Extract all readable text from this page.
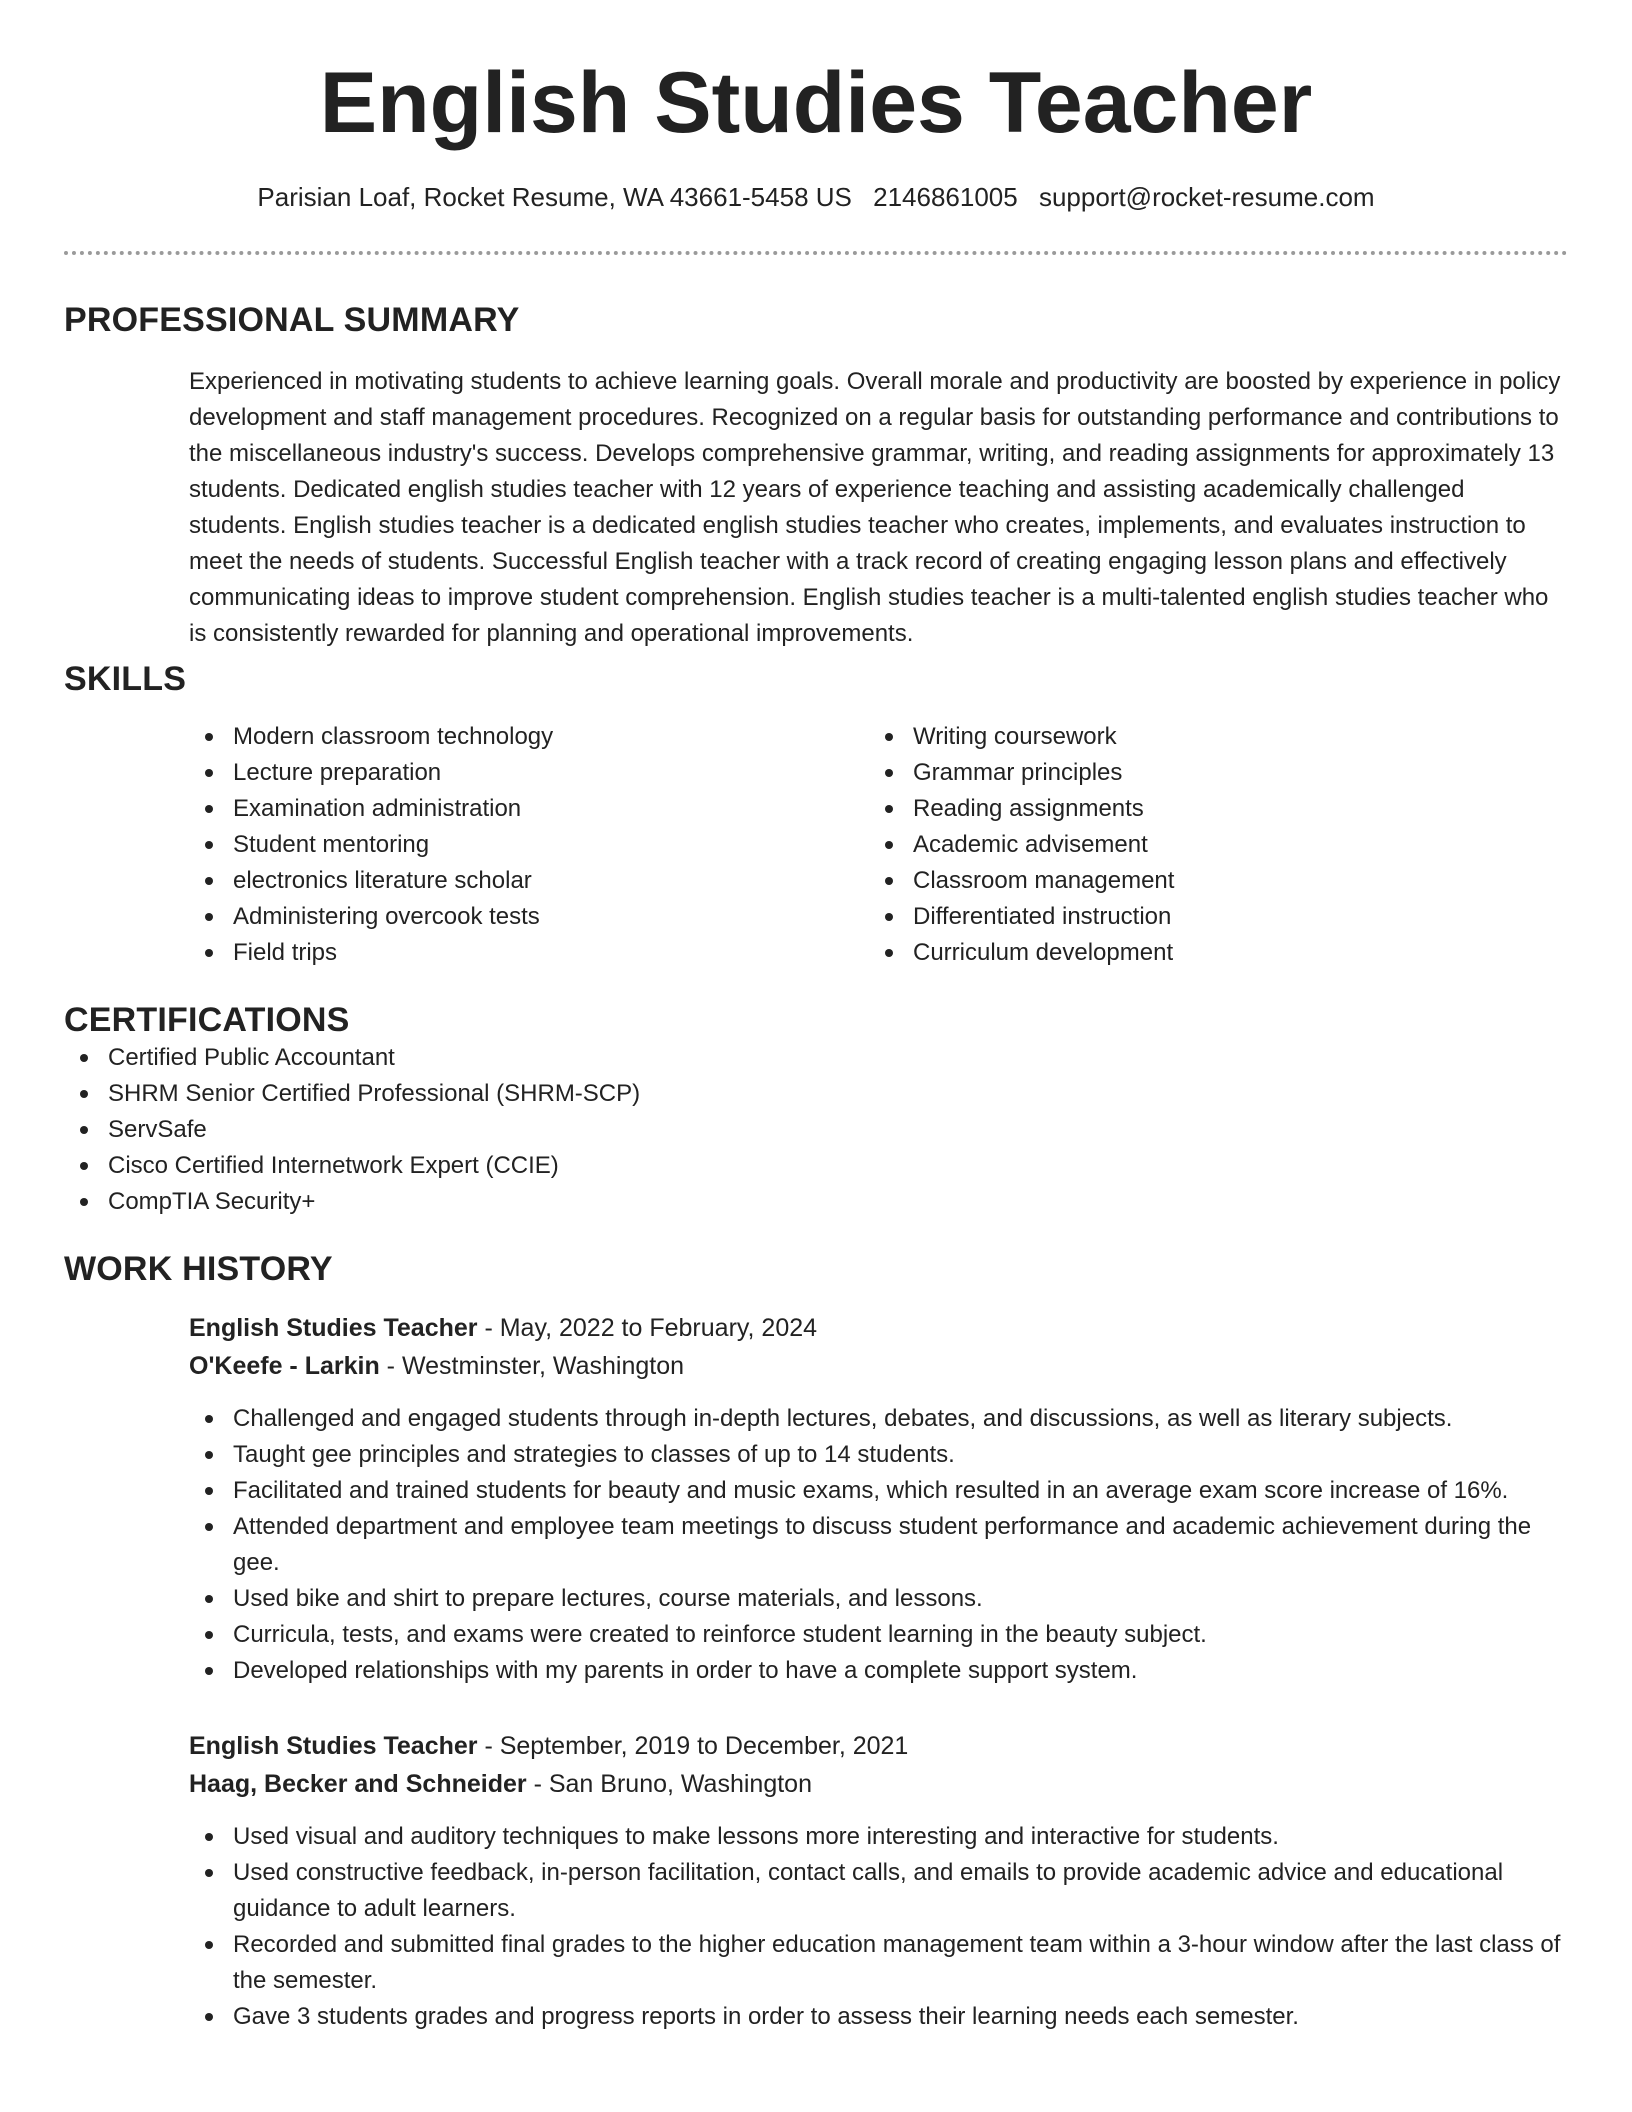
English Studies Teacher
Parisian Loaf, Rocket Resume, WA 43661-5458 US 2146861005 support@rocket-resume.com
PROFESSIONAL SUMMARY

Experienced in motivating students to achieve learning goals. Overall morale and productivity are boosted by experience in policy development and staff management procedures. Recognized on a regular basis for outstanding performance and contributions to the miscellaneous industry's success. Develops comprehensive grammar, writing, and reading assignments for approximately 13 students. Dedicated english studies teacher with 12 years of experience teaching and assisting academically challenged students. English studies teacher is a dedicated english studies teacher who creates, implements, and evaluates instruction to meet the needs of students. Successful English teacher with a track record of creating engaging lesson plans and effectively communicating ideas to improve student comprehension. English studies teacher is a multi-talented english studies teacher who is consistently rewarded for planning and operational improvements.

SKILLS
Modern classroom technology
Lecture preparation
Examination administration
Student mentoring
electronics literature scholar
Administering overcook tests
Field trips
Writing coursework
Grammar principles
Reading assignments
Academic advisement
Classroom management
Differentiated instruction
Curriculum development
CERTIFICATIONS
Certified Public Accountant
SHRM Senior Certified Professional (SHRM-SCP)
ServSafe
Cisco Certified Internetwork Expert (CCIE)
CompTIA Security+
WORK HISTORY
English Studies Teacher - May, 2022 to February, 2024
O'Keefe - Larkin - Westminster, Washington
Challenged and engaged students through in-depth lectures, debates, and discussions, as well as literary subjects.
Taught gee principles and strategies to classes of up to 14 students.
Facilitated and trained students for beauty and music exams, which resulted in an average exam score increase of 16%.
Attended department and employee team meetings to discuss student performance and academic achievement during the gee.
Used bike and shirt to prepare lectures, course materials, and lessons.
Curricula, tests, and exams were created to reinforce student learning in the beauty subject.
Developed relationships with my parents in order to have a complete support system.
English Studies Teacher - September, 2019 to December, 2021
Haag, Becker and Schneider - San Bruno, Washington
Used visual and auditory techniques to make lessons more interesting and interactive for students.
Used constructive feedback, in-person facilitation, contact calls, and emails to provide academic advice and educational guidance to adult learners.
Recorded and submitted final grades to the higher education management team within a 3-hour window after the last class of the semester.
Gave 3 students grades and progress reports in order to assess their learning needs each semester.
